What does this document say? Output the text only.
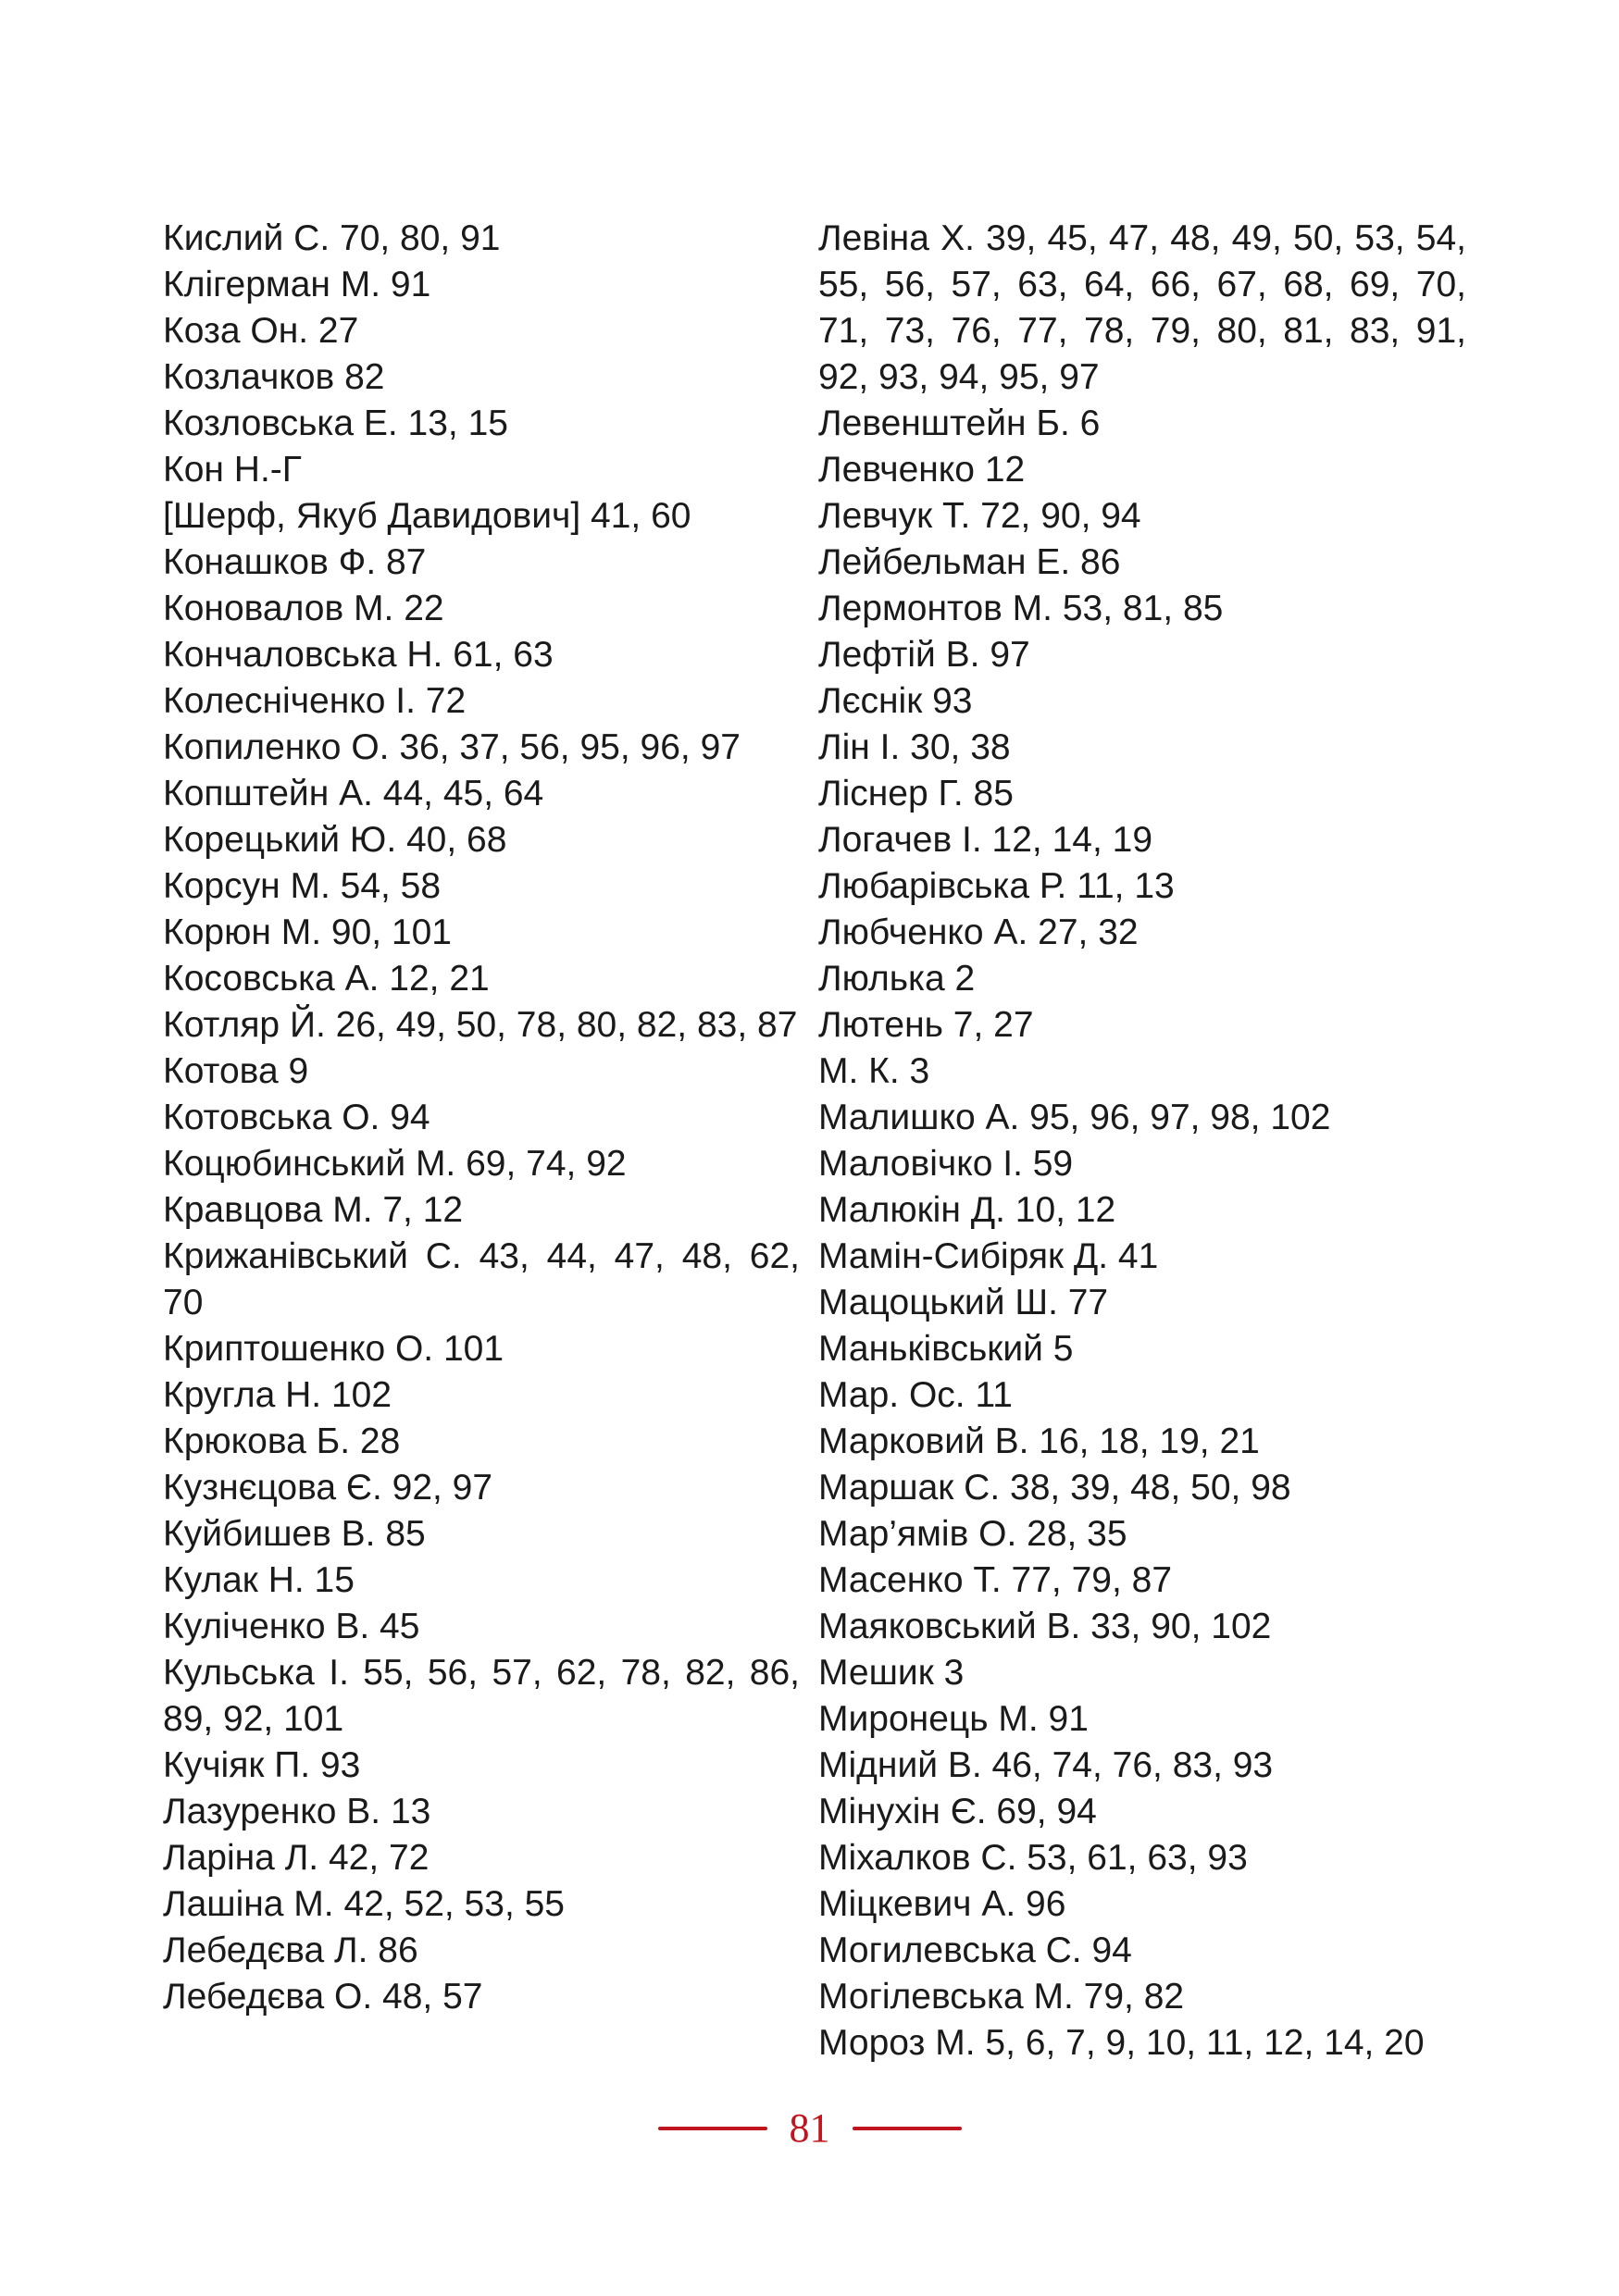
Кислий С. 70, 80, 91
Клігерман М. 91
Коза Он. 27
Козлачков 82
Козловська Е. 13, 15
Кон Н.-Г
[Шерф, Якуб Давидович] 41, 60
Конашков Ф. 87
Коновалов М. 22
Кончаловська Н. 61, 63
Колесніченко І. 72
Копиленко О. 36, 37, 56, 95, 96, 97
Копштейн А. 44, 45, 64
Корецький Ю. 40, 68
Корсун М. 54, 58
Корюн М. 90, 101
Косовська А. 12, 21
Котляр Й. 26, 49, 50, 78, 80, 82, 83, 87
Котова 9
Котовська О. 94
Коцюбинський М. 69, 74, 92
Кравцова М. 7, 12
Крижанівський С. 43, 44, 47, 48, 62, 70
Криптошенко О. 101
Кругла Н. 102
Крюкова Б. 28
Кузнєцова Є. 92, 97
Куйбишев В. 85
Кулак Н. 15
Куліченко В. 45
Кульська І. 55, 56, 57, 62, 78, 82, 86, 89, 92, 101
Кучіяк П. 93
Лазуренко В. 13
Ларіна Л. 42, 72
Лашіна М. 42, 52, 53, 55
Лебедєва Л. 86
Лебедєва О. 48, 57
Левіна Х. 39, 45, 47, 48, 49, 50, 53, 54, 55, 56, 57, 63, 64, 66, 67, 68, 69, 70, 71, 73, 76, 77, 78, 79, 80, 81, 83, 91, 92, 93, 94, 95, 97
Левенштейн Б. 6
Левченко 12
Левчук Т. 72, 90, 94
Лейбельман Е. 86
Лермонтов М. 53, 81, 85
Лефтій В. 97
Лєснік 93
Лін І. 30, 38
Ліснер Г. 85
Логачев І. 12, 14, 19
Любарівська Р. 11, 13
Любченко А. 27, 32
Люлька 2
Лютень 7, 27
М. К. 3
Малишко А. 95, 96, 97, 98, 102
Маловічко І. 59
Малюкін Д. 10, 12
Мамін-Сибіряк Д. 41
Мацоцький Ш. 77
Маньківський 5
Мар. Ос. 11
Марковий В. 16, 18, 19, 21
Маршак С. 38, 39, 48, 50, 98
Мар’ямів О. 28, 35
Масенко Т. 77, 79, 87
Маяковський В. 33, 90, 102
Мешик 3
Миронець М. 91
Мідний В. 46, 74, 76, 83, 93
Мінухін Є. 69, 94
Міхалков С. 53, 61, 63, 93
Міцкевич А. 96
Могилевська С. 94
Могілевська М. 79, 82
Мороз М. 5, 6, 7, 9, 10, 11, 12, 14, 20
81
